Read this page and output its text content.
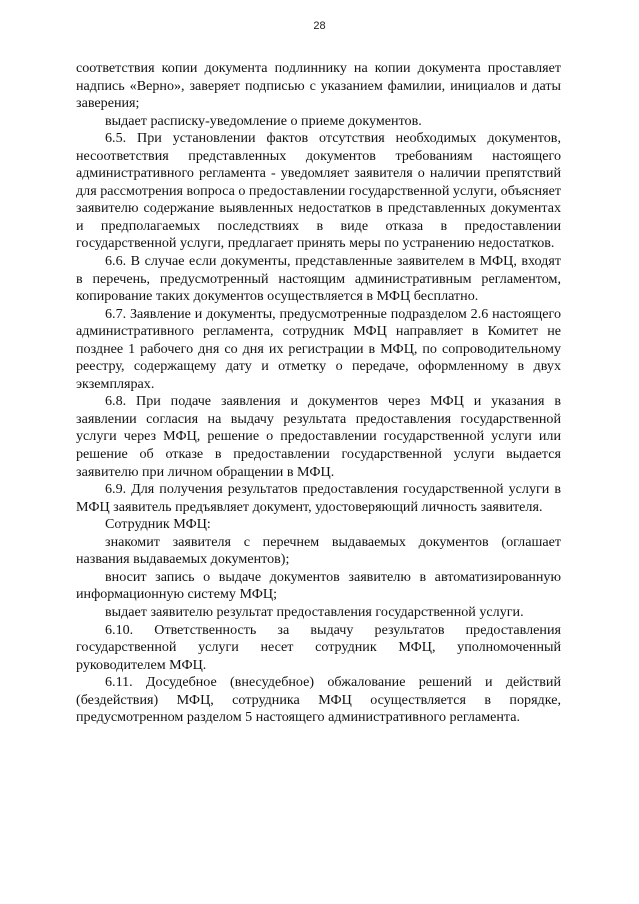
28

соответствия копии документа подлиннику на копии документа проставляет надпись «Верно», заверяет подписью с указанием фамилии, инициалов и даты заверения;

выдает расписку-уведомление о приеме документов.

6.5. При установлении фактов отсутствия необходимых документов, несоответствия представленных документов требованиям настоящего административного регламента - уведомляет заявителя о наличии препятствий для рассмотрения вопроса о предоставлении государственной услуги, объясняет заявителю содержание выявленных недостатков в представленных документах и предполагаемых последствиях в виде отказа в предоставлении государственной услуги, предлагает принять меры по устранению недостатков.

6.6. В случае если документы, представленные заявителем в МФЦ, входят в перечень, предусмотренный настоящим административным регламентом, копирование таких документов осуществляется в МФЦ бесплатно.

6.7. Заявление и документы, предусмотренные подразделом 2.6 настоящего административного регламента, сотрудник МФЦ направляет в Комитет не позднее 1 рабочего дня со дня их регистрации в МФЦ, по сопроводительному реестру, содержащему дату и отметку о передаче, оформленному в двух экземплярах.

6.8. При подаче заявления и документов через МФЦ и указания в заявлении согласия на выдачу результата предоставления государственной услуги через МФЦ, решение о предоставлении государственной услуги или решение об отказе в предоставлении государственной услуги выдается заявителю при личном обращении в МФЦ.

6.9. Для получения результатов предоставления государственной услуги в МФЦ заявитель предъявляет документ, удостоверяющий личность заявителя.

Сотрудник МФЦ:

знакомит заявителя с перечнем выдаваемых документов (оглашает названия выдаваемых документов);

вносит запись о выдаче документов заявителю в автоматизированную информационную систему МФЦ;

выдает заявителю результат предоставления государственной услуги.

6.10. Ответственность за выдачу результатов предоставления государственной услуги несет сотрудник МФЦ, уполномоченный руководителем МФЦ.

6.11. Досудебное (внесудебное) обжалование решений и действий (бездействия) МФЦ, сотрудника МФЦ осуществляется в порядке, предусмотренном разделом 5 настоящего административного регламента.
